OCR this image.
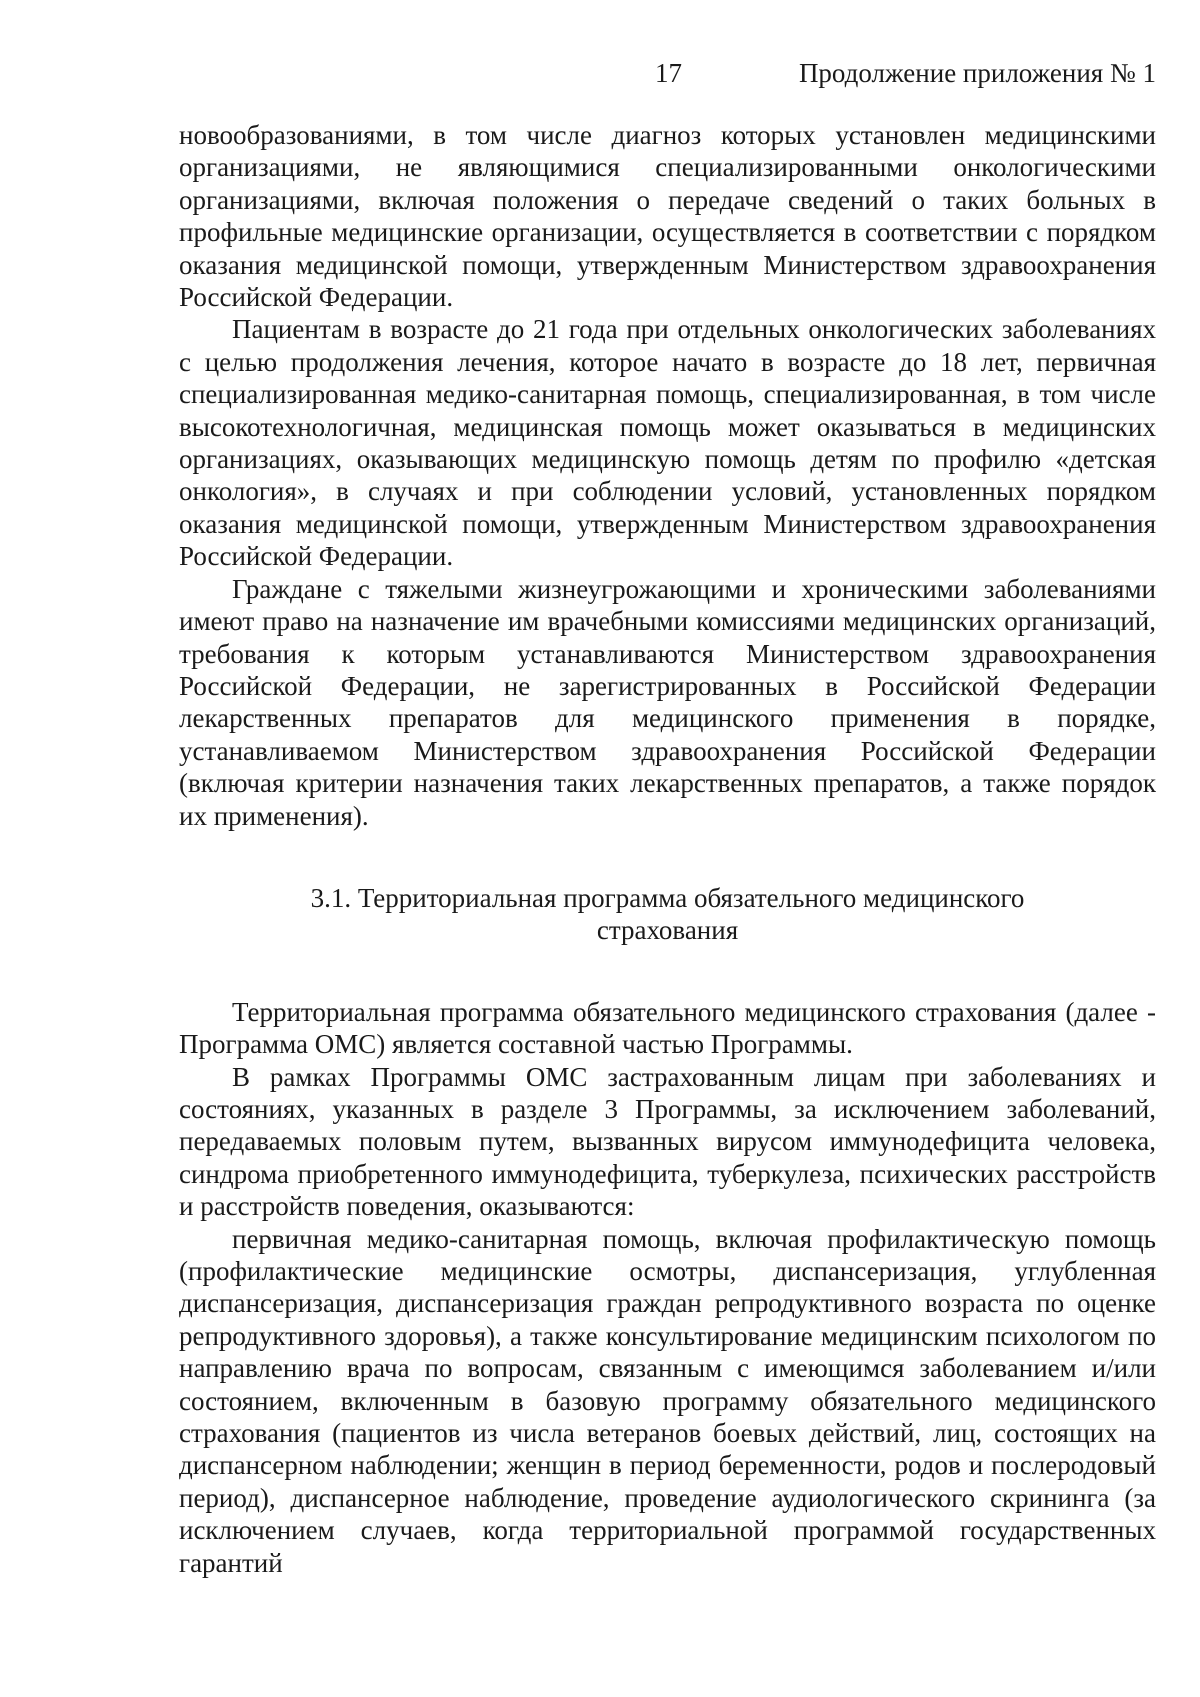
17	Продолжение приложения № 1

новообразованиями, в том числе диагноз которых установлен медицинскими организациями, не являющимися специализированными онкологическими организациями, включая положения о передаче сведений о таких больных в профильные медицинские организации, осуществляется в соответствии с порядком оказания медицинской помощи, утвержденным Министерством здравоохранения Российской Федерации.

Пациентам в возрасте до 21 года при отдельных онкологических заболеваниях с целью продолжения лечения, которое начато в возрасте до 18 лет, первичная специализированная медико-санитарная помощь, специализированная, в том числе высокотехнологичная, медицинская помощь может оказываться в медицинских организациях, оказывающих медицинскую помощь детям по профилю «детская онкология», в случаях и при соблюдении условий, установленных порядком оказания медицинской помощи, утвержденным Министерством здравоохранения Российской Федерации.

Граждане с тяжелыми жизнеугрожающими и хроническими заболеваниями имеют право на назначение им врачебными комиссиями медицинских организаций, требования к которым устанавливаются Министерством здравоохранения Российской Федерации, не зарегистрированных в Российской Федерации лекарственных препаратов для медицинского применения в порядке, устанавливаемом Министерством здравоохранения Российской Федерации (включая критерии назначения таких лекарственных препаратов, а также порядок их применения).

3.1. Территориальная программа обязательного медицинского страхования

Территориальная программа обязательного медицинского страхования (далее - Программа ОМС) является составной частью Программы.

В рамках Программы ОМС застрахованным лицам при заболеваниях и состояниях, указанных в разделе 3 Программы, за исключением заболеваний, передаваемых половым путем, вызванных вирусом иммунодефицита человека, синдрома приобретенного иммунодефицита, туберкулеза, психических расстройств и расстройств поведения, оказываются:

первичная медико-санитарная помощь, включая профилактическую помощь (профилактические медицинские осмотры, диспансеризация, углубленная диспансеризация, диспансеризация граждан репродуктивного возраста по оценке репродуктивного здоровья), а также консультирование медицинским психологом по направлению врача по вопросам, связанным с имеющимся заболеванием и/или состоянием, включенным в базовую программу обязательного медицинского страхования (пациентов из числа ветеранов боевых действий, лиц, состоящих на диспансерном наблюдении; женщин в период беременности, родов и послеродовый период), диспансерное наблюдение, проведение аудиологического скрининга (за исключением случаев, когда территориальной программой государственных гарантий
